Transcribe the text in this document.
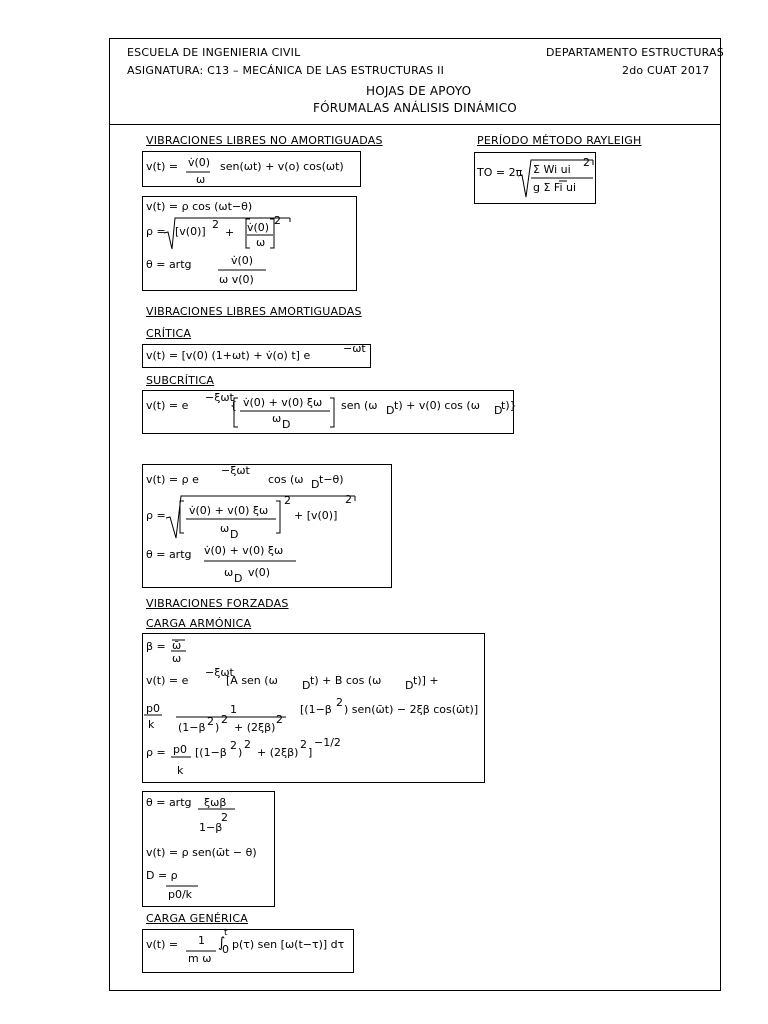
ESCUELA DE INGENIERIA CIVIL
ASIGNATURA: C13 – MECÁNICA DE LAS ESTRUCTURAS II
DEPARTAMENTO ESTRUCTURAS
2do CUAT 2017
HOJAS DE APOYO
FÓRUMALAS ANÁLISIS DINÁMICO
VIBRACIONES LIBRES NO AMORTIGUADAS	PERÍODO MÉTODO RAYLEIGH
VIBRACIONES LIBRES AMORTIGUADAS
CRÍTICA
SUBCRÍTICA
VIBRACIONES FORZADAS
CARGA ARMÓNICA
CARGA GENÉRICA
v(t) = v̇(0)
ω
sen(ωt) + v(o) cos(ωt)
v(t) = ρ cos (ωt−θ)
ρ = [v(0)]
2
+ v̇(0)
ω
2
θ = artg	v̇(0)
ω v(0)
TO = 2π Σ Wi ui
2
g Σ Fi ui
v(t) = [v(0) (1+ωt) + v̇(o) t] e
−ωt
v(t) = e
−ξωt
{ v̇(0) + v(0) ξω
ω D
sen (ω D t) + v(0) cos (ω D
t)}
v(t) = ρ e
−ξωt
cos (ω D t−θ)
ρ = v̇(0) + v(0) ξω
ω D
2
+ [v(0)]
2
θ = artg v̇(0) + v(0) ξω
ω D v(0)
β = ω̄
ω
v(t) = e
−ξωt
[A sen (ω D t) + B cos (ω D t)] +
p0
k
1
(1−β 2 )
2
+ (2ξβ)
2
[(1−β
2
) sen(ω̄t) − 2ξβ cos(ω̄t)]
ρ = p0
k
[(1−β
2
)
2
+ (2ξβ)
2
]
−1/2
θ = artg ξωβ
1−β
2
v(t) = ρ sen(ω̄t − θ)
D = ρ
p0/k
v(t) = 1
m ω
∫
t
0 p(τ) sen [ω(t−τ)] dτ
